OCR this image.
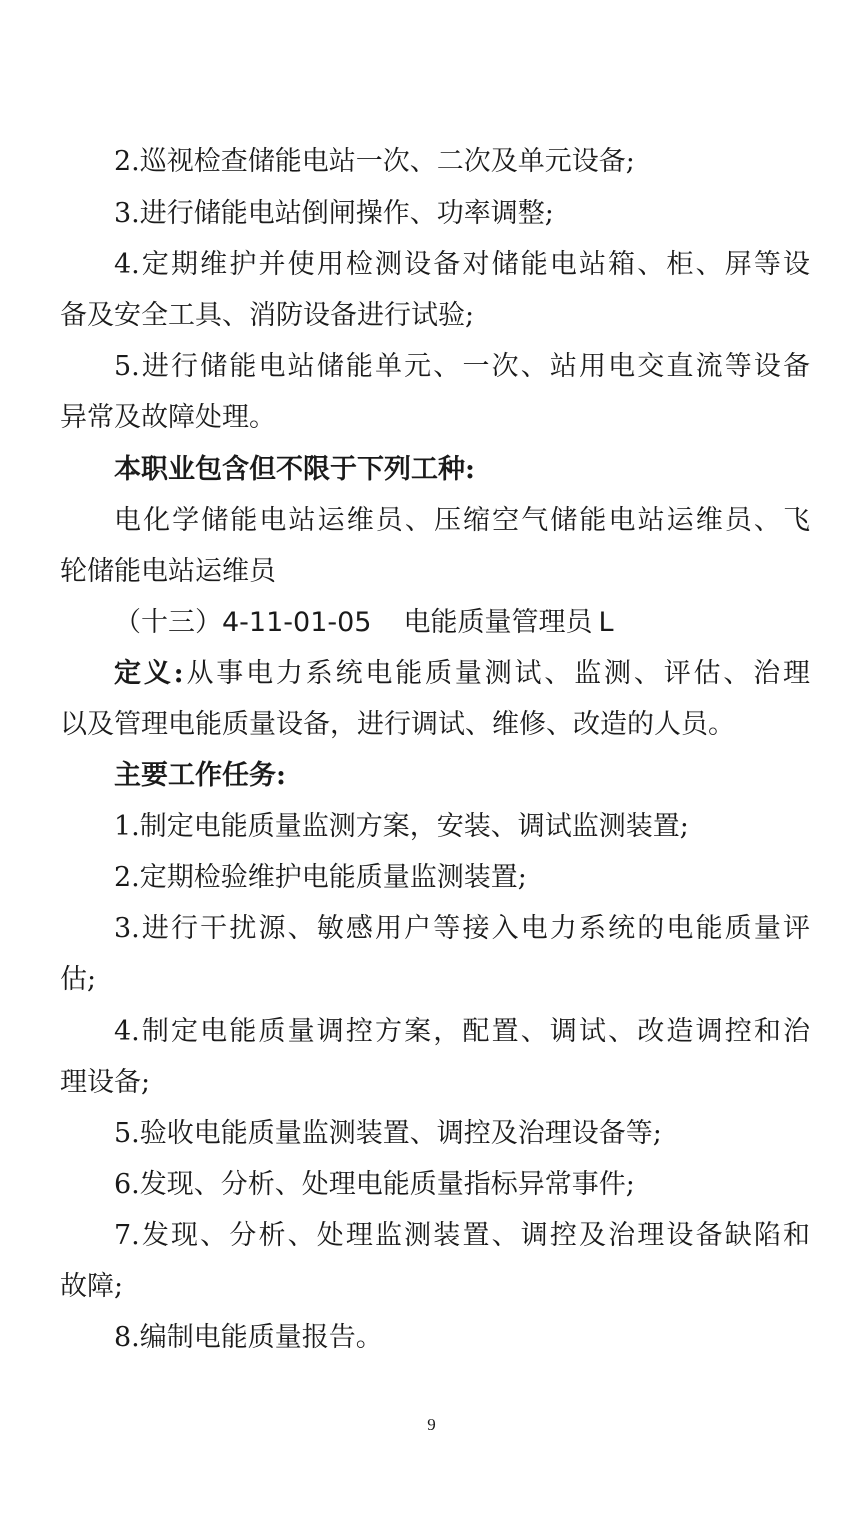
2.巡视检查储能电站一次、二次及单元设备;
3.进行储能电站倒闸操作、功率调整;
4.定期维护并使用检测设备对储能电站箱、柜、屏等设
备及安全工具、消防设备进行试验;
5.进行储能电站储能单元、一次、站用电交直流等设备
异常及故障处理。
本职业包含但不限于下列工种:
电化学储能电站运维员、压缩空气储能电站运维员、飞
轮储能电站运维员
（十三）4-11-01-05 电能质量管理员 L
定义:从事电力系统电能质量测试、监测、评估、治理
以及管理电能质量设备，进行调试、维修、改造的人员。
主要工作任务:
1.制定电能质量监测方案，安装、调试监测装置;
2.定期检验维护电能质量监测装置;
3.进行干扰源、敏感用户等接入电力系统的电能质量评
估;
4.制定电能质量调控方案，配置、调试、改造调控和治
理设备;
5.验收电能质量监测装置、调控及治理设备等;
6.发现、分析、处理电能质量指标异常事件;
7.发现、分析、处理监测装置、调控及治理设备缺陷和
故障;
8.编制电能质量报告。
9
